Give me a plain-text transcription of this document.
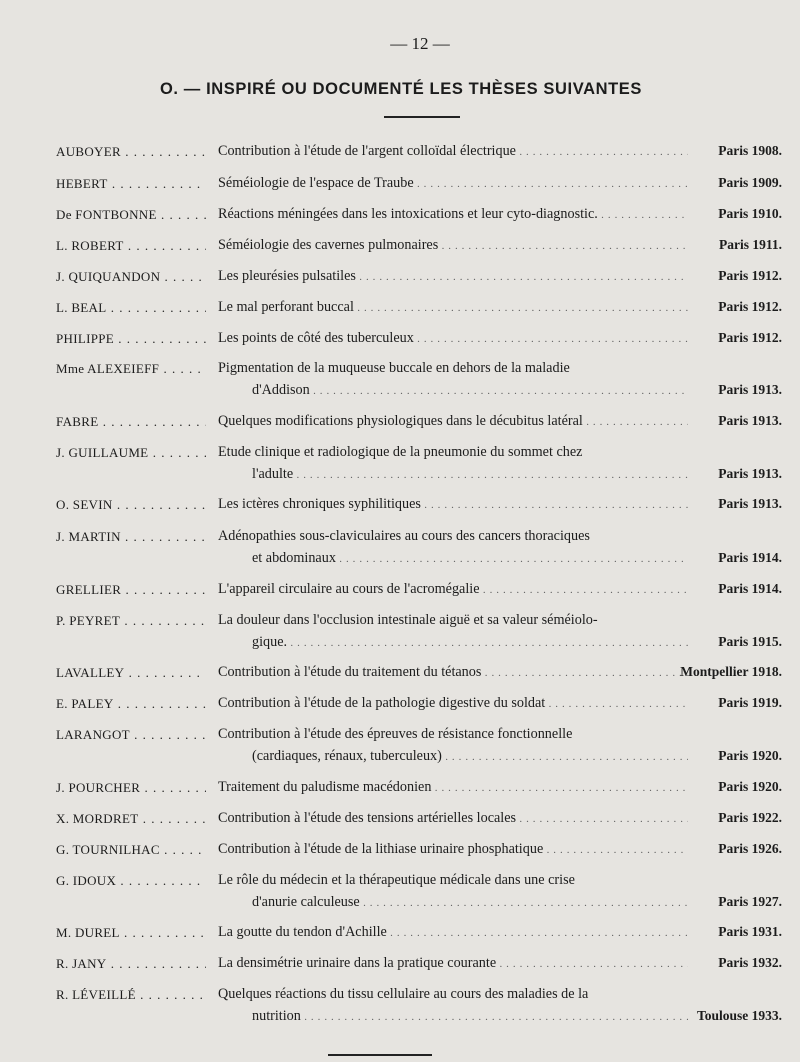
— 12 —
O. — INSPIRÉ OU DOCUMENTÉ LES THÈSES SUIVANTES
AUBOYER . . .	Contribution à l'étude de l'argent colloïdal électrique . . .	Paris 1908.
HEBERT . . .	Séméiologie de l'espace de Traube . . .	Paris 1909.
De FONTBONNE . . .	Réactions méningées dans les intoxications et leur cyto-diagnostic. . . .	Paris 1910.
L. ROBERT . . .	Séméiologie des cavernes pulmonaires . . .	Paris 1911.
J. QUIQUANDON . . .	Les pleurésies pulsatiles . . .	Paris 1912.
L. BEAL . . .	Le mal perforant buccal . . .	Paris 1912.
PHILIPPE . . .	Les points de côté des tuberculeux . . .	Paris 1912.
Mme ALEXEIEFF . . .	Pigmentation de la muqueuse buccale en dehors de la maladie
d'Addison . . .	Paris 1913.
FABRE . . .	Quelques modifications physiologiques dans le décubitus latéral . . .	Paris 1913.
J. GUILLAUME . . .	Etude clinique et radiologique de la pneumonie du sommet chez
l'adulte . . .	Paris 1913.
O. SEVIN . . .	Les ictères chroniques syphilitiques . . .	Paris 1913.
J. MARTIN . . .	Adénopathies sous-claviculaires au cours des cancers thoraciques
et abdominaux . . .	Paris 1914.
GRELLIER . . .	L'appareil circulaire au cours de l'acromégalie . . .	Paris 1914.
P. PEYRET . . .	La douleur dans l'occlusion intestinale aiguë et sa valeur séméiolo-
gique. . . .	Paris 1915.
LAVALLEY . . .	Contribution à l'étude du traitement du tétanos . . .	Montpellier 1918.
E. PALEY . . .	Contribution à l'étude de la pathologie digestive du soldat . . .	Paris 1919.
LARANGOT . . .	Contribution à l'étude des épreuves de résistance fonctionnelle
(cardiaques, rénaux, tuberculeux) . . .	Paris 1920.
J. POURCHER . . .	Traitement du paludisme macédonien . . .	Paris 1920.
X. MORDRET . . .	Contribution à l'étude des tensions artérielles locales . . .	Paris 1922.
G. TOURNILHAC . . .	Contribution à l'étude de la lithiase urinaire phosphatique . . .	Paris 1926.
G. IDOUX . . .	Le rôle du médecin et la thérapeutique médicale dans une crise
d'anurie calculeuse . . .	Paris 1927.
M. DUREL . . .	La goutte du tendon d'Achille . . .	Paris 1931.
R. JANY . . .	La densimétrie urinaire dans la pratique courante . . .	Paris 1932.
R. LÉVEILLÉ . . .	Quelques réactions du tissu cellulaire au cours des maladies de la
nutrition . . .	Toulouse 1933.
